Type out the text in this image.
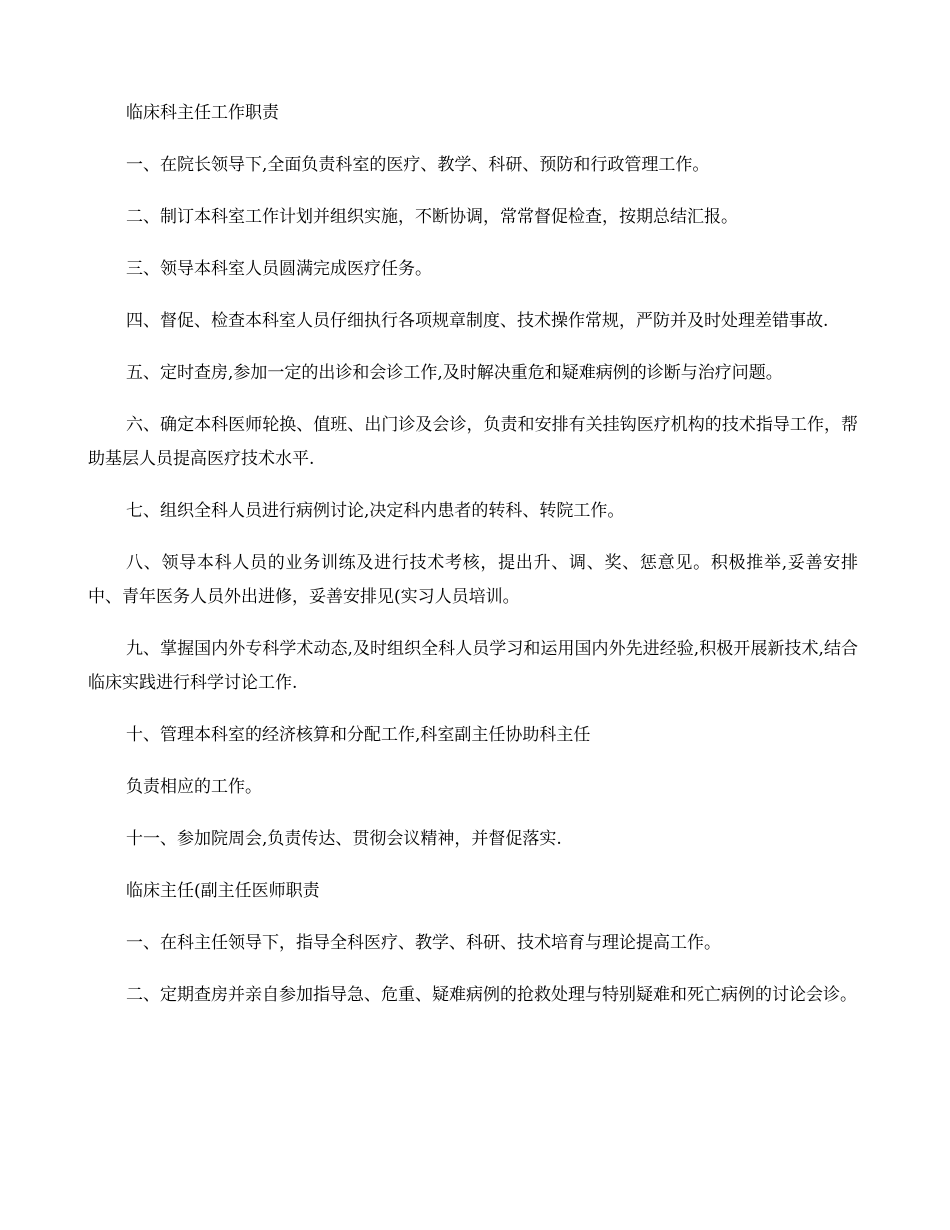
临床科主任工作职责

一、在院长领导下,全面负责科室的医疗、教学、科研、预防和行政管理工作。

二、制订本科室工作计划并组织实施，不断协调，常常督促检查，按期总结汇报。

三、领导本科室人员圆满完成医疗任务。

四、督促、检查本科室人员仔细执行各项规章制度、技术操作常规，严防并及时处理差错事故.

五、定时查房,参加一定的出诊和会诊工作,及时解决重危和疑难病例的诊断与治疗问题。

六、确定本科医师轮换、值班、出门诊及会诊，负责和安排有关挂钩医疗机构的技术指导工作，帮助基层人员提高医疗技术水平.

七、组织全科人员进行病例讨论,决定科内患者的转科、转院工作。

八、领导本科人员的业务训练及进行技术考核，提出升、调、奖、惩意见。积极推举,妥善安排中、青年医务人员外出进修，妥善安排见(实习人员培训。

九、掌握国内外专科学术动态,及时组织全科人员学习和运用国内外先进经验,积极开展新技术,结合临床实践进行科学讨论工作.

十、管理本科室的经济核算和分配工作,科室副主任协助科主任

负责相应的工作。

十一、参加院周会,负责传达、贯彻会议精神，并督促落实.

临床主任(副主任医师职责

一、在科主任领导下，指导全科医疗、教学、科研、技术培育与理论提高工作。

二、定期查房并亲自参加指导急、危重、疑难病例的抢救处理与特别疑难和死亡病例的讨论会诊。
